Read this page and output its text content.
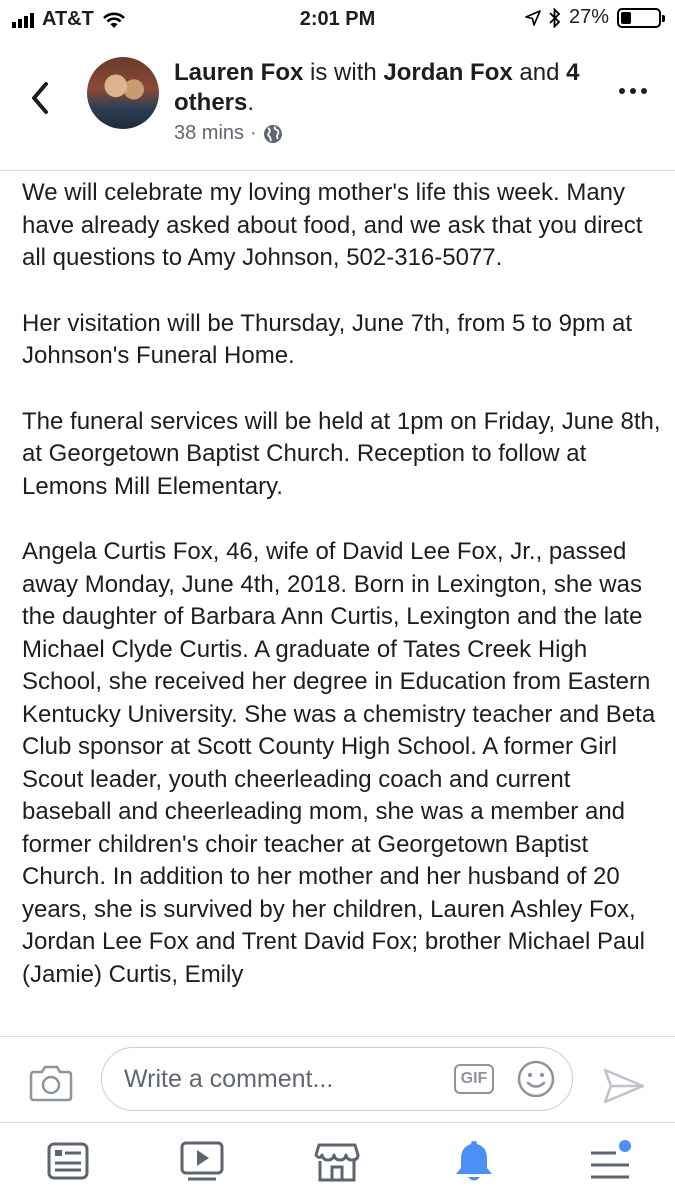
AT&T	2:01 PM	27%
Lauren Fox is with Jordan Fox and 4 others.
38 mins ·

We will celebrate my loving mother's life this week. Many have already asked about food, and we ask that you direct all questions to Amy Johnson, 502-316-5077.

Her visitation will be Thursday, June 7th, from 5 to 9pm at Johnson's Funeral Home.

The funeral services will be held at 1pm on Friday, June 8th, at Georgetown Baptist Church. Reception to follow at Lemons Mill Elementary.

Angela Curtis Fox, 46, wife of David Lee Fox, Jr., passed away Monday, June 4th, 2018. Born in Lexington, she was the daughter of Barbara Ann Curtis, Lexington and the late Michael Clyde Curtis. A graduate of Tates Creek High School, she received her degree in Education from Eastern Kentucky University. She was a chemistry teacher and Beta Club sponsor at Scott County High School. A former Girl Scout leader, youth cheerleading coach and current baseball and cheerleading mom, she was a member and former children's choir teacher at Georgetown Baptist Church. In addition to her mother and her husband of 20 years, she is survived by her children, Lauren Ashley Fox, Jordan Lee Fox and Trent David Fox; brother Michael Paul (Jamie) Curtis, Emily

Write a comment...	GIF
